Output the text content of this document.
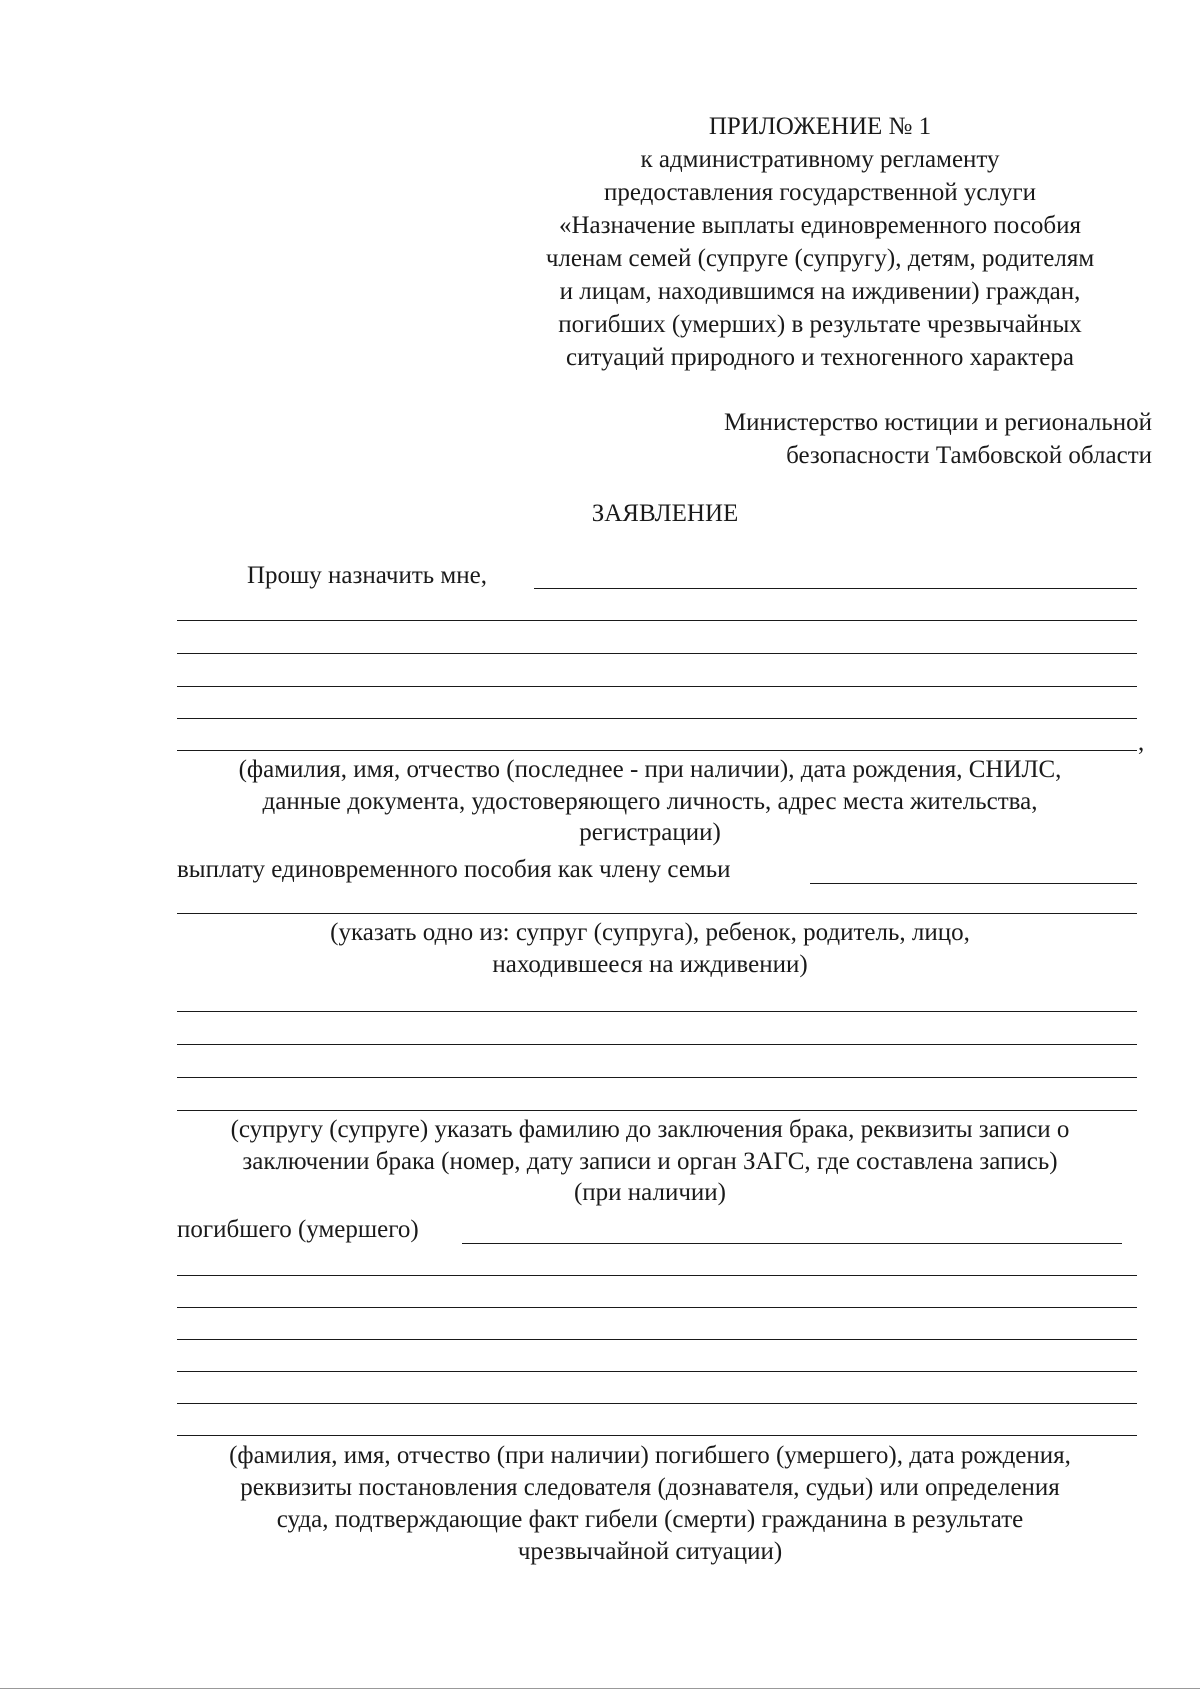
ПРИЛОЖЕНИЕ № 1
к административному регламенту
предоставления государственной услуги
«Назначение выплаты единовременного пособия
членам семей (супруге (супругу), детям, родителям
и лицам, находившимся на иждивении) граждан,
погибших (умерших) в результате чрезвычайных
ситуаций природного и техногенного характера
Министерство юстиции и региональной
безопасности Тамбовской области
ЗАЯВЛЕНИЕ
Прошу назначить мне,
,
(фамилия, имя, отчество (последнее - при наличии), дата рождения, СНИЛС,
данные документа, удостоверяющего личность, адрес места жительства,
регистрации)
выплату единовременного пособия как члену семьи
(указать одно из: супруг (супруга), ребенок, родитель, лицо,
находившееся на иждивении)
(супругу (супруге) указать фамилию до заключения брака, реквизиты записи о
заключении брака (номер, дату записи и орган ЗАГС, где составлена запись)
(при наличии)
погибшего (умершего)
(фамилия, имя, отчество (при наличии) погибшего (умершего), дата рождения,
реквизиты постановления следователя (дознавателя, судьи) или определения
суда, подтверждающие факт гибели (смерти) гражданина в результате
чрезвычайной ситуации)
